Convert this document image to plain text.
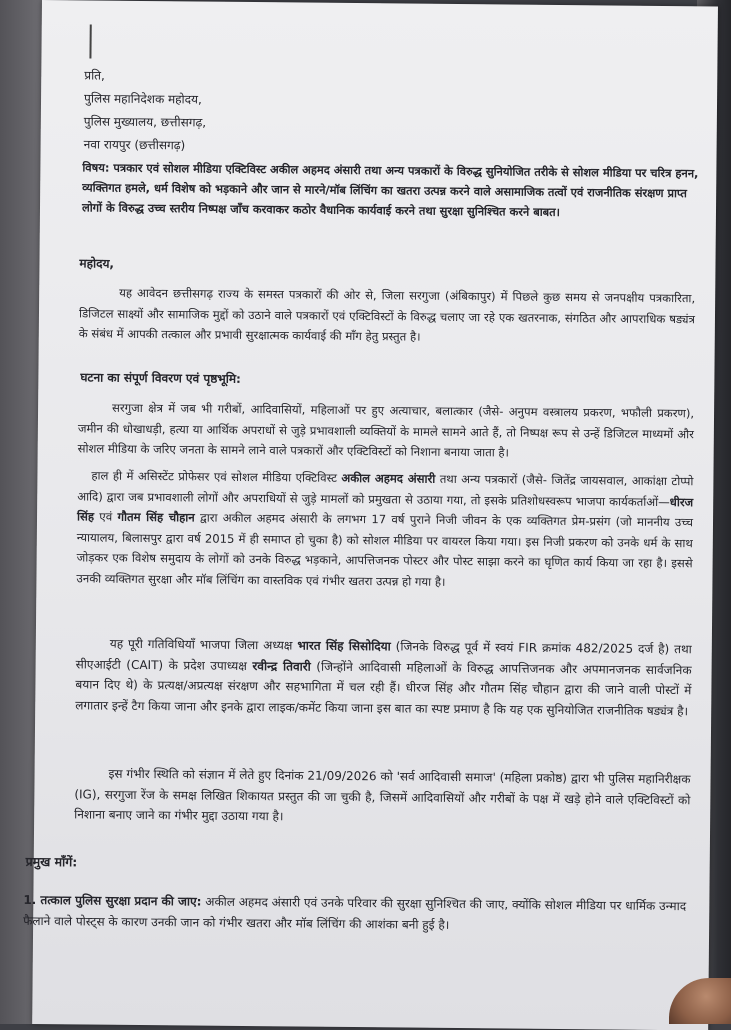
प्रति,
पुलिस महानिदेशक महोदय,
पुलिस मुख्यालय, छत्तीसगढ़,
नवा रायपुर (छत्तीसगढ़)
विषय: पत्रकार एवं सोशल मीडिया एक्टिविस्ट अकील अहमद अंसारी तथा अन्य पत्रकारों के विरुद्ध सुनियोजित तरीके से सोशल मीडिया पर चरित्र हनन, व्यक्तिगत हमले, धर्म विशेष को भड़काने और जान से मारने/मॉब लिंचिंग का खतरा उत्पन्न करने वाले असामाजिक तत्वों एवं राजनीतिक संरक्षण प्राप्त लोगों के विरुद्ध उच्च स्तरीय निष्पक्ष जाँच करवाकर कठोर वैधानिक कार्यवाई करने तथा सुरक्षा सुनिश्चित करने बाबत।
महोदय,
यह आवेदन छत्तीसगढ़ राज्य के समस्त पत्रकारों की ओर से, जिला सरगुजा (अंबिकापुर) में पिछले कुछ समय से जनपक्षीय पत्रकारिता, डिजिटल साक्ष्यों और सामाजिक मुद्दों को उठाने वाले पत्रकारों एवं एक्टिविस्टों के विरुद्ध चलाए जा रहे एक खतरनाक, संगठित और आपराधिक षड्यंत्र के संबंध में आपकी तत्काल और प्रभावी सुरक्षात्मक कार्यवाई की माँग हेतु प्रस्तुत है।
घटना का संपूर्ण विवरण एवं पृष्ठभूमि:
सरगुजा क्षेत्र में जब भी गरीबों, आदिवासियों, महिलाओं पर हुए अत्याचार, बलात्कार (जैसे- अनुपम वस्त्रालय प्रकरण, भफौली प्रकरण), जमीन की धोखाधड़ी, हत्या या आर्थिक अपराधों से जुड़े प्रभावशाली व्यक्तियों के मामले सामने आते हैं, तो निष्पक्ष रूप से उन्हें डिजिटल माध्यमों और सोशल मीडिया के जरिए जनता के सामने लाने वाले पत्रकारों और एक्टिविस्टों को निशाना बनाया जाता है।
हाल ही में असिस्टेंट प्रोफेसर एवं सोशल मीडिया एक्टिविस्ट अकील अहमद अंसारी तथा अन्य पत्रकारों (जैसे- जितेंद्र जायसवाल, आकांक्षा टोप्पो आदि) द्वारा जब प्रभावशाली लोगों और अपराधियों से जुड़े मामलों को प्रमुखता से उठाया गया, तो इसके प्रतिशोधस्वरूप भाजपा कार्यकर्ताओं—धीरज सिंह एवं गौतम सिंह चौहान द्वारा अकील अहमद अंसारी के लगभग 17 वर्ष पुराने निजी जीवन के एक व्यक्तिगत प्रेम-प्रसंग (जो माननीय उच्च न्यायालय, बिलासपुर द्वारा वर्ष 2015 में ही समाप्त हो चुका है) को सोशल मीडिया पर वायरल किया गया। इस निजी प्रकरण को उनके धर्म के साथ जोड़कर एक विशेष समुदाय के लोगों को उनके विरुद्ध भड़काने, आपत्तिजनक पोस्टर और पोस्ट साझा करने का घृणित कार्य किया जा रहा है। इससे उनकी व्यक्तिगत सुरक्षा और मॉब लिंचिंग का वास्तविक एवं गंभीर खतरा उत्पन्न हो गया है।
यह पूरी गतिविधियाँ भाजपा जिला अध्यक्ष भारत सिंह सिसोदिया (जिनके विरुद्ध पूर्व में स्वयं FIR क्रमांक 482/2025 दर्ज है) तथा सीएआईटी (CAIT) के प्रदेश उपाध्यक्ष रवीन्द्र तिवारी (जिन्होंने आदिवासी महिलाओं के विरुद्ध आपत्तिजनक और अपमानजनक सार्वजनिक बयान दिए थे) के प्रत्यक्ष/अप्रत्यक्ष संरक्षण और सहभागिता में चल रही हैं। धीरज सिंह और गौतम सिंह चौहान द्वारा की जाने वाली पोस्टों में लगातार इन्हें टैग किया जाना और इनके द्वारा लाइक/कमेंट किया जाना इस बात का स्पष्ट प्रमाण है कि यह एक सुनियोजित राजनीतिक षड्यंत्र है।
इस गंभीर स्थिति को संज्ञान में लेते हुए दिनांक 21/09/2026 को 'सर्व आदिवासी समाज' (महिला प्रकोष्ठ) द्वारा भी पुलिस महानिरीक्षक (IG), सरगुजा रेंज के समक्ष लिखित शिकायत प्रस्तुत की जा चुकी है, जिसमें आदिवासियों और गरीबों के पक्ष में खड़े होने वाले एक्टिविस्टों को निशाना बनाए जाने का गंभीर मुद्दा उठाया गया है।
प्रमुख माँगें:
1. तत्काल पुलिस सुरक्षा प्रदान की जाए: अकील अहमद अंसारी एवं उनके परिवार की सुरक्षा सुनिश्चित की जाए, क्योंकि सोशल मीडिया पर धार्मिक उन्माद फैलाने वाले पोस्ट्स के कारण उनकी जान को गंभीर खतरा और मॉब लिंचिंग की आशंका बनी हुई है।
